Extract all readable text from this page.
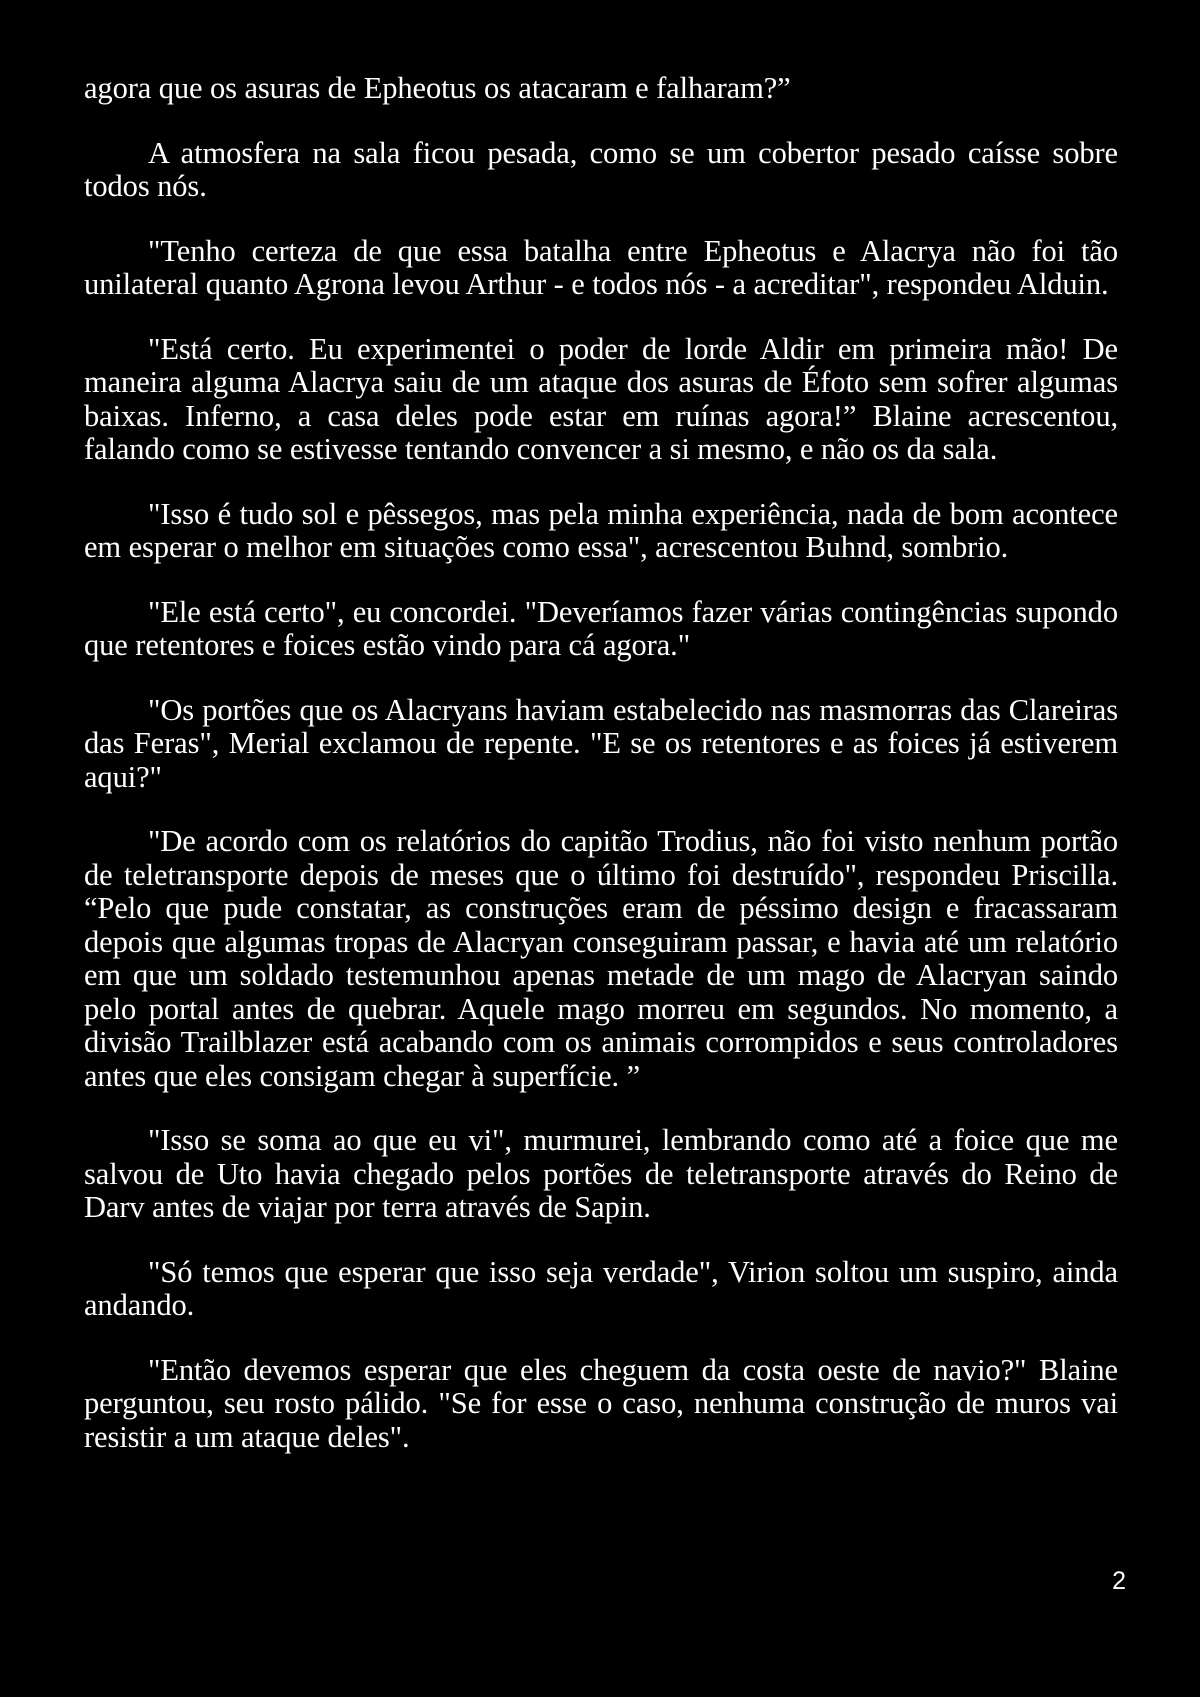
agora que os asuras de Epheotus os atacaram e falharam?”

A atmosfera na sala ficou pesada, como se um cobertor pesado caísse sobre todos nós.

"Tenho certeza de que essa batalha entre Epheotus e Alacrya não foi tão unilateral quanto Agrona levou Arthur - e todos nós - a acreditar", respondeu Alduin.

"Está certo. Eu experimentei o poder de lorde Aldir em primeira mão! De maneira alguma Alacrya saiu de um ataque dos asuras de Éfoto sem sofrer algumas baixas. Inferno, a casa deles pode estar em ruínas agora!” Blaine acrescentou, falando como se estivesse tentando convencer a si mesmo, e não os da sala.

"Isso é tudo sol e pêssegos, mas pela minha experiência, nada de bom acontece em esperar o melhor em situações como essa", acrescentou Buhnd, sombrio.

"Ele está certo", eu concordei. "Deveríamos fazer várias contingências supondo que retentores e foices estão vindo para cá agora."

"Os portões que os Alacryans haviam estabelecido nas masmorras das Clareiras das Feras", Merial exclamou de repente. "E se os retentores e as foices já estiverem aqui?"

"De acordo com os relatórios do capitão Trodius, não foi visto nenhum portão de teletransporte depois de meses que o último foi destruído", respondeu Priscilla. “Pelo que pude constatar, as construções eram de péssimo design e fracassaram depois que algumas tropas de Alacryan conseguiram passar, e havia até um relatório em que um soldado testemunhou apenas metade de um mago de Alacryan saindo pelo portal antes de quebrar. Aquele mago morreu em segundos. No momento, a divisão Trailblazer está acabando com os animais corrompidos e seus controladores antes que eles consigam chegar à superfície. ”

"Isso se soma ao que eu vi", murmurei, lembrando como até a foice que me salvou de Uto havia chegado pelos portões de teletransporte através do Reino de Darv antes de viajar por terra através de Sapin.

"Só temos que esperar que isso seja verdade", Virion soltou um suspiro, ainda andando.

"Então devemos esperar que eles cheguem da costa oeste de navio?" Blaine perguntou, seu rosto pálido. "Se for esse o caso, nenhuma construção de muros vai resistir a um ataque deles".

2
